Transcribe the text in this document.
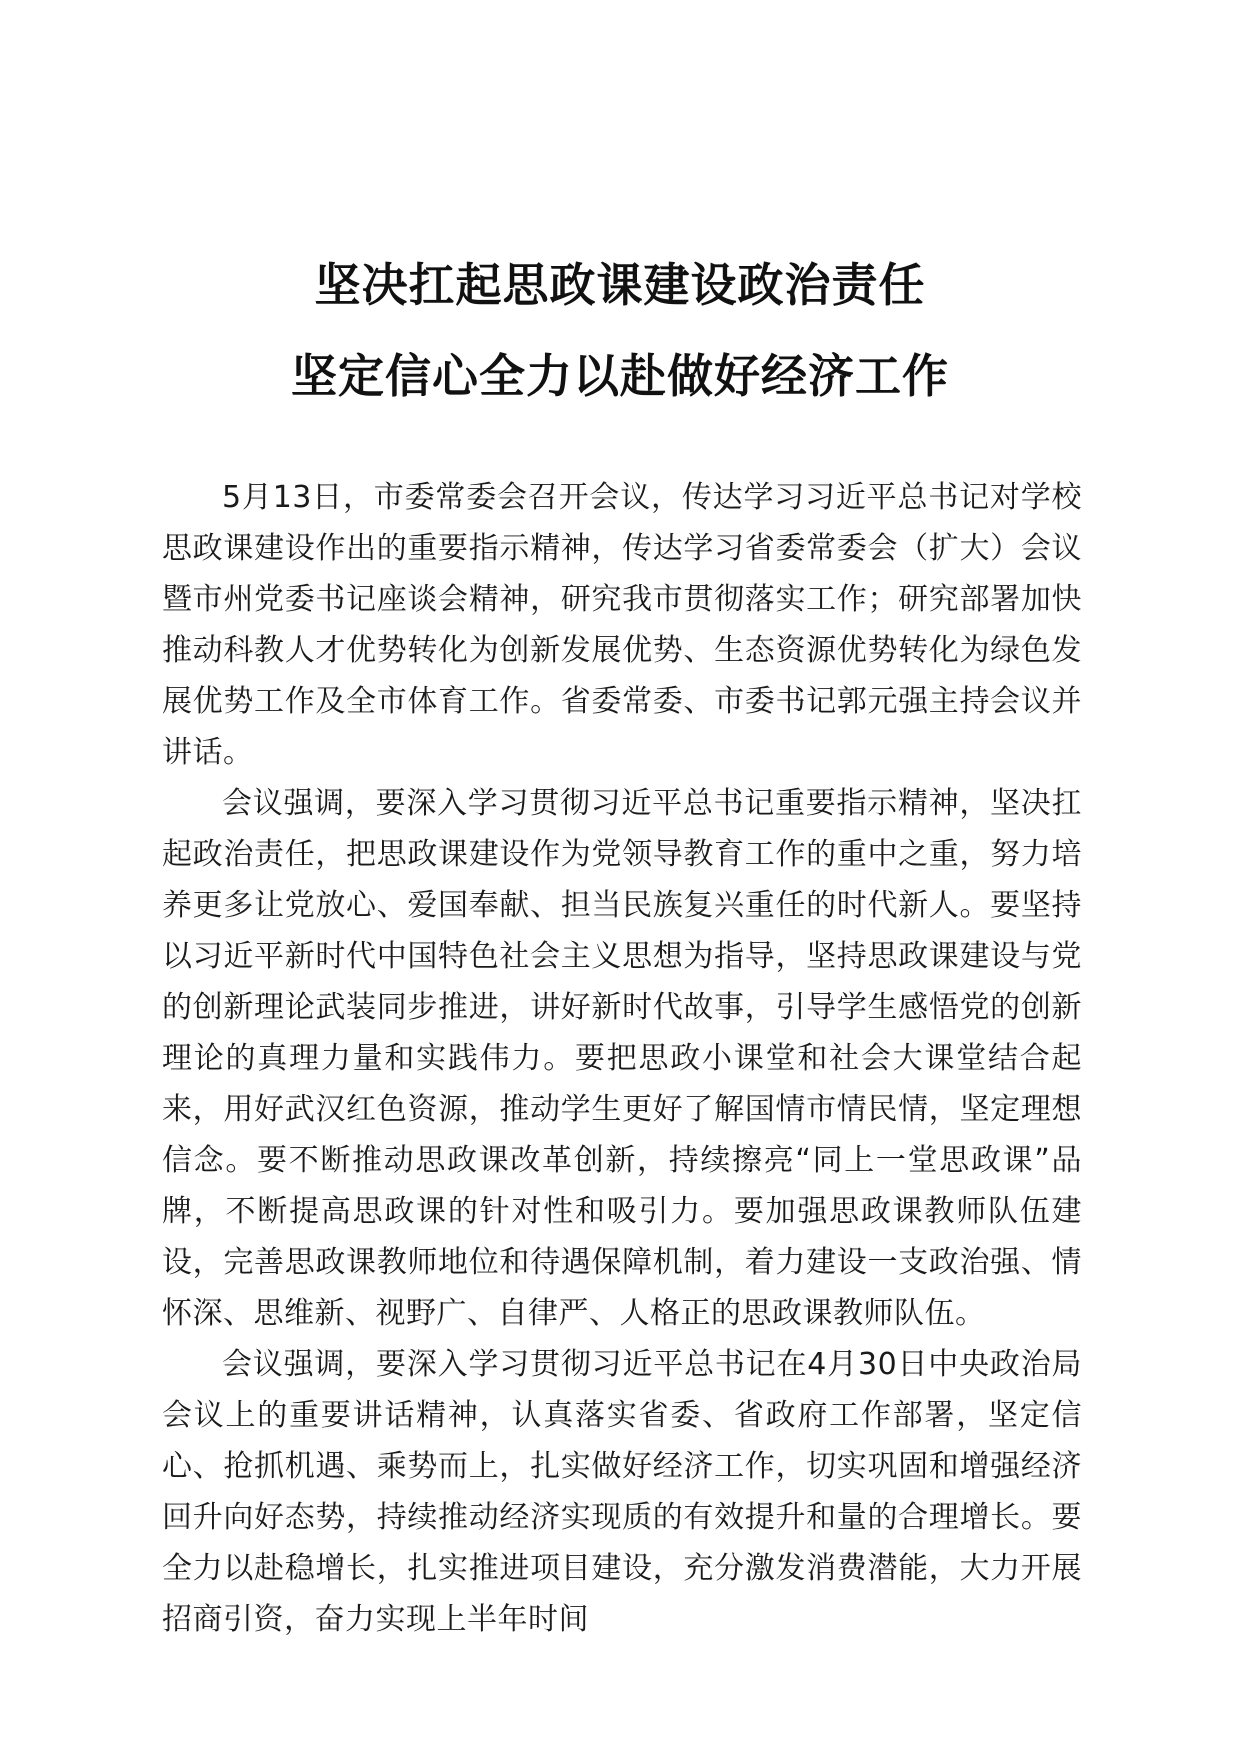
坚决扛起思政课建设政治责任
坚定信心全力以赴做好经济工作

5月13日，市委常委会召开会议，传达学习习近平总书记对学校思政课建设作出的重要指示精神，传达学习省委常委会（扩大）会议暨市州党委书记座谈会精神，研究我市贯彻落实工作；研究部署加快推动科教人才优势转化为创新发展优势、生态资源优势转化为绿色发展优势工作及全市体育工作。省委常委、市委书记郭元强主持会议并讲话。

会议强调，要深入学习贯彻习近平总书记重要指示精神，坚决扛起政治责任，把思政课建设作为党领导教育工作的重中之重，努力培养更多让党放心、爱国奉献、担当民族复兴重任的时代新人。要坚持以习近平新时代中国特色社会主义思想为指导，坚持思政课建设与党的创新理论武装同步推进，讲好新时代故事，引导学生感悟党的创新理论的真理力量和实践伟力。要把思政小课堂和社会大课堂结合起来，用好武汉红色资源，推动学生更好了解国情市情民情，坚定理想信念。要不断推动思政课改革创新，持续擦亮“同上一堂思政课”品牌，不断提高思政课的针对性和吸引力。要加强思政课教师队伍建设，完善思政课教师地位和待遇保障机制，着力建设一支政治强、情怀深、思维新、视野广、自律严、人格正的思政课教师队伍。

会议强调，要深入学习贯彻习近平总书记在4月30日中央政治局会议上的重要讲话精神，认真落实省委、省政府工作部署，坚定信心、抢抓机遇、乘势而上，扎实做好经济工作，切实巩固和增强经济回升向好态势，持续推动经济实现质的有效提升和量的合理增长。要全力以赴稳增长，扎实推进项目建设，充分激发消费潜能，大力开展招商引资，奋力实现上半年时间
